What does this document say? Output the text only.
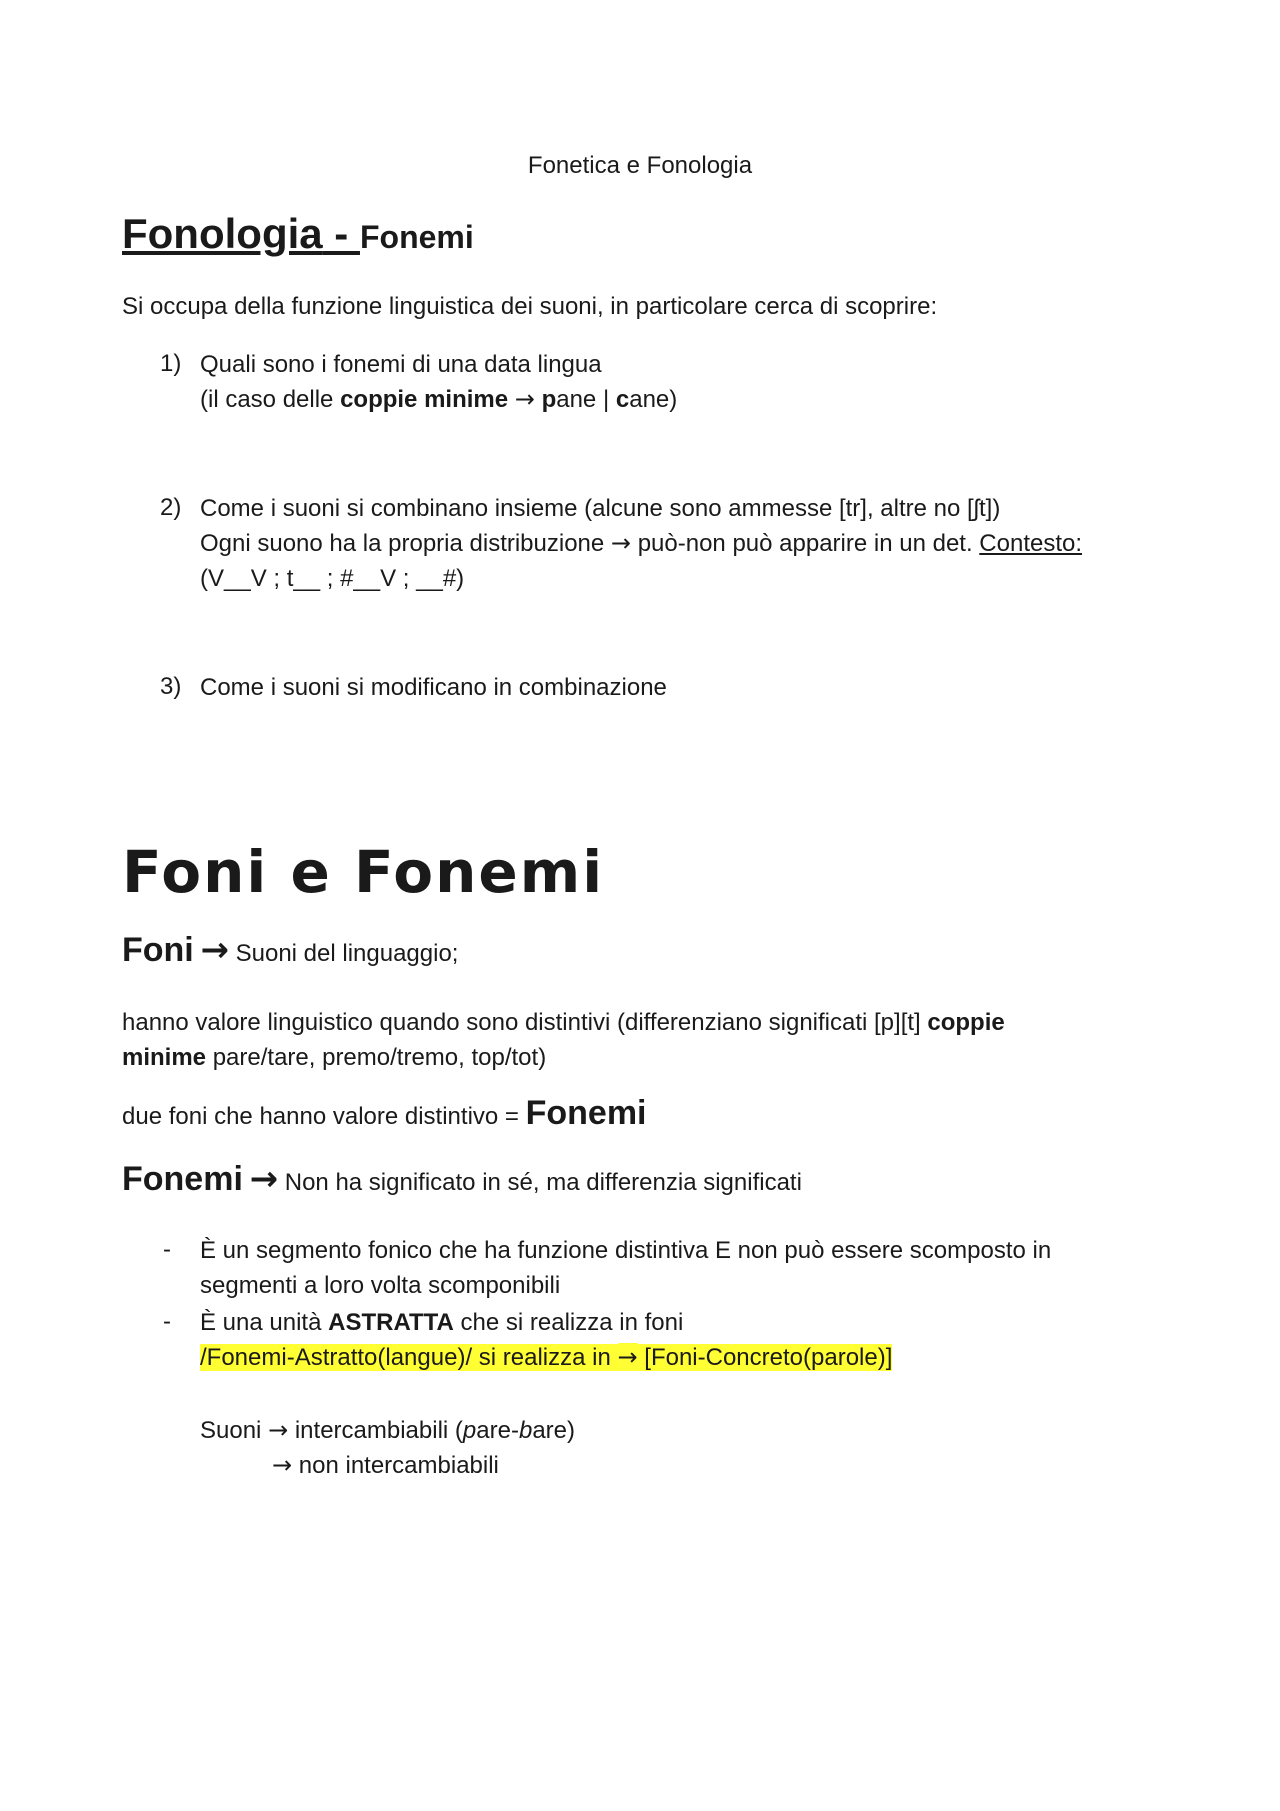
Fonetica e Fonologia
Fonologia - Fonemi
Si occupa della funzione linguistica dei suoni, in particolare cerca di scoprire:
1) Quali sono i fonemi di una data lingua
(il caso delle coppie minime → pane | cane)
2) Come i suoni si combinano insieme (alcune sono ammesse [tr], altre no [ʃt])
Ogni suono ha la propria distribuzione → può-non può apparire in un det. Contesto:
(V__V ; t__ ; #__V ; __#)
3) Come i suoni si modificano in combinazione
Foni e Fonemi
Foni → Suoni del linguaggio;
hanno valore linguistico quando sono distintivi (differenziano significati [p][t] coppie
minime pare/tare, premo/tremo, top/tot)
due foni che hanno valore distintivo = Fonemi
Fonemi → Non ha significato in sé, ma differenzia significati
- È un segmento fonico che ha funzione distintiva E non può essere scomposto in
segmenti a loro volta scomponibili
- È una unità ASTRATTA che si realizza in foni
/Fonemi-Astratto(langue)/ si realizza in → [Foni-Concreto(parole)]
Suoni → intercambiabili (pare-bare)
→ non intercambiabili
